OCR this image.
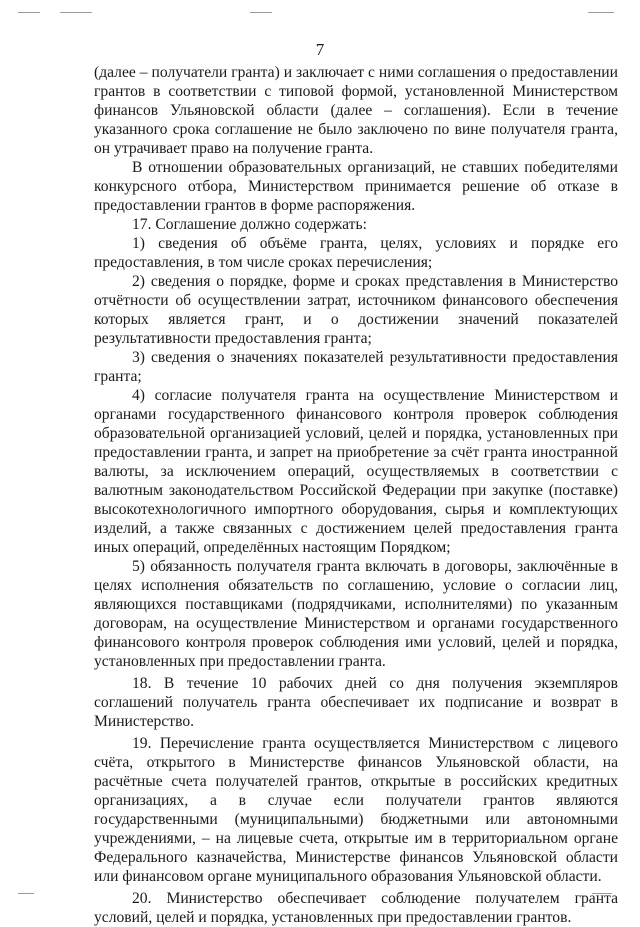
7

(далее – получатели гранта) и заключает с ними соглашения о предоставлении грантов в соответствии с типовой формой, установленной Министерством финансов Ульяновской области (далее – соглашения). Если в течение указанного срока соглашение не было заключено по вине получателя гранта, он утрачивает право на получение гранта.

В отношении образовательных организаций, не ставших победителями конкурсного отбора, Министерством принимается решение об отказе в предоставлении грантов в форме распоряжения.

17. Соглашение должно содержать:

1) сведения об объёме гранта, целях, условиях и порядке его предоставления, в том числе сроках перечисления;

2) сведения о порядке, форме и сроках представления в Министерство отчётности об осуществлении затрат, источником финансового обеспечения которых является грант, и о достижении значений показателей результативности предоставления гранта;

3) сведения о значениях показателей результативности предоставления гранта;

4) согласие получателя гранта на осуществление Министерством и органами государственного финансового контроля проверок соблюдения образовательной организацией условий, целей и порядка, установленных при предоставлении гранта, и запрет на приобретение за счёт гранта иностранной валюты, за исключением операций, осуществляемых в соответствии с валютным законодательством Российской Федерации при закупке (поставке) высокотехнологичного импортного оборудования, сырья и комплектующих изделий, а также связанных с достижением целей предоставления гранта иных операций, определённых настоящим Порядком;

5) обязанность получателя гранта включать в договоры, заключённые в целях исполнения обязательств по соглашению, условие о согласии лиц, являющихся поставщиками (подрядчиками, исполнителями) по указанным договорам, на осуществление Министерством и органами государственного финансового контроля проверок соблюдения ими условий, целей и порядка, установленных при предоставлении гранта.

18. В течение 10 рабочих дней со дня получения экземпляров соглашений получатель гранта обеспечивает их подписание и возврат в Министерство.

19. Перечисление гранта осуществляется Министерством с лицевого счёта, открытого в Министерстве финансов Ульяновской области, на расчётные счета получателей грантов, открытые в российских кредитных организациях, а в случае если получатели грантов являются государственными (муниципальными) бюджетными или автономными учреждениями, – на лицевые счета, открытые им в территориальном органе Федерального казначейства, Министерстве финансов Ульяновской области или финансовом органе муниципального образования Ульяновской области.

20. Министерство обеспечивает соблюдение получателем гранта условий, целей и порядка, установленных при предоставлении грантов.
